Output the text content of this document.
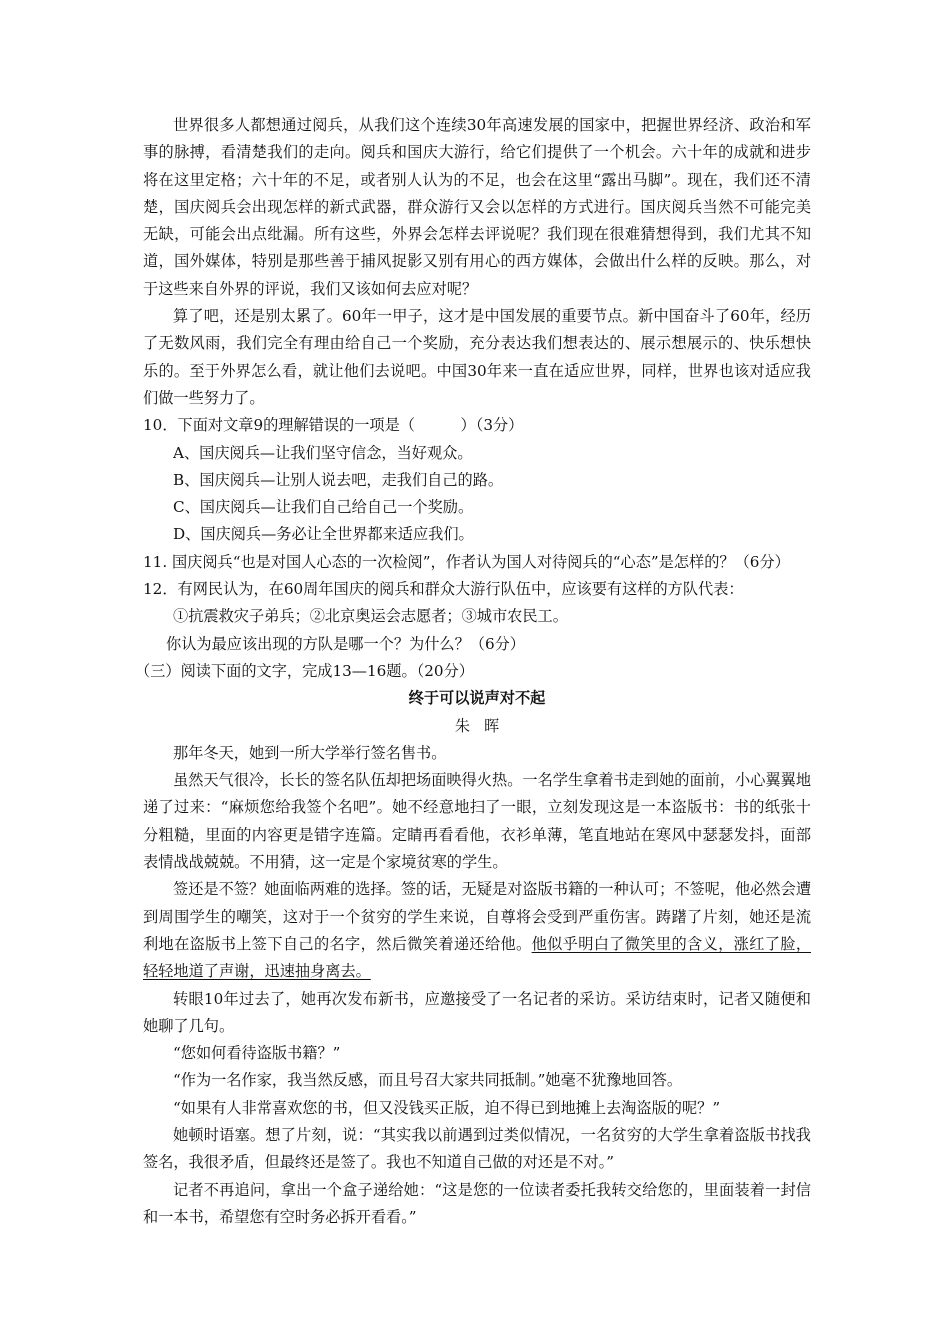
世界很多人都想通过阅兵，从我们这个连续30年高速发展的国家中，把握世界经济、政治和军事的脉搏，看清楚我们的走向。阅兵和国庆大游行，给它们提供了一个机会。六十年的成就和进步将在这里定格；六十年的不足，或者别人认为的不足，也会在这里“露出马脚”。现在，我们还不清楚，国庆阅兵会出现怎样的新式武器，群众游行又会以怎样的方式进行。国庆阅兵当然不可能完美无缺，可能会出点纰漏。所有这些，外界会怎样去评说呢？我们现在很难猜想得到，我们尤其不知道，国外媒体，特别是那些善于捕风捉影又别有用心的西方媒体，会做出什么样的反映。那么，对于这些来自外界的评说，我们又该如何去应对呢？

算了吧，还是别太累了。60年一甲子，这才是中国发展的重要节点。新中国奋斗了60年，经历了无数风雨，我们完全有理由给自己一个奖励，充分表达我们想表达的、展示想展示的、快乐想快乐的。至于外界怎么看，就让他们去说吧。中国30年来一直在适应世界，同样，世界也该对适应我们做一些努力了。

10．下面对文章9的理解错误的一项是（　　　）（3分）

A、国庆阅兵—让我们坚守信念，当好观众。

B、国庆阅兵—让别人说去吧，走我们自己的路。

C、国庆阅兵—让我们自己给自己一个奖励。

D、国庆阅兵—务必让全世界都来适应我们。

11. 国庆阅兵“也是对国人心态的一次检阅”，作者认为国人对待阅兵的“心态”是怎样的？（6分）

12．有网民认为，在60周年国庆的阅兵和群众大游行队伍中，应该要有这样的方队代表：

①抗震救灾子弟兵；②北京奥运会志愿者；③城市农民工。

你认为最应该出现的方队是哪一个？为什么？（6分）

（三）阅读下面的文字，完成13—16题。（20分）

终于可以说声对不起

朱晖

那年冬天，她到一所大学举行签名售书。

虽然天气很冷，长长的签名队伍却把场面映得火热。一名学生拿着书走到她的面前，小心翼翼地递了过来：“麻烦您给我签个名吧”。她不经意地扫了一眼，立刻发现这是一本盗版书：书的纸张十分粗糙，里面的内容更是错字连篇。定睛再看看他，衣衫单薄，笔直地站在寒风中瑟瑟发抖，面部表情战战兢兢。不用猜，这一定是个家境贫寒的学生。

签还是不签？她面临两难的选择。签的话，无疑是对盗版书籍的一种认可；不签呢，他必然会遭到周围学生的嘲笑，这对于一个贫穷的学生来说，自尊将会受到严重伤害。踌躇了片刻，她还是流利地在盗版书上签下自己的名字，然后微笑着递还给他。他似乎明白了微笑里的含义，涨红了脸，轻轻地道了声谢，迅速抽身离去。

转眼10年过去了，她再次发布新书，应邀接受了一名记者的采访。采访结束时，记者又随便和她聊了几句。

“您如何看待盗版书籍？”

“作为一名作家，我当然反感，而且号召大家共同抵制。”她毫不犹豫地回答。

“如果有人非常喜欢您的书，但又没钱买正版，迫不得已到地摊上去淘盗版的呢？”

她顿时语塞。想了片刻，说：“其实我以前遇到过类似情况，一名贫穷的大学生拿着盗版书找我签名，我很矛盾，但最终还是签了。我也不知道自己做的对还是不对。”

记者不再追问，拿出一个盒子递给她：“这是您的一位读者委托我转交给您的，里面装着一封信和一本书，希望您有空时务必拆开看看。”
